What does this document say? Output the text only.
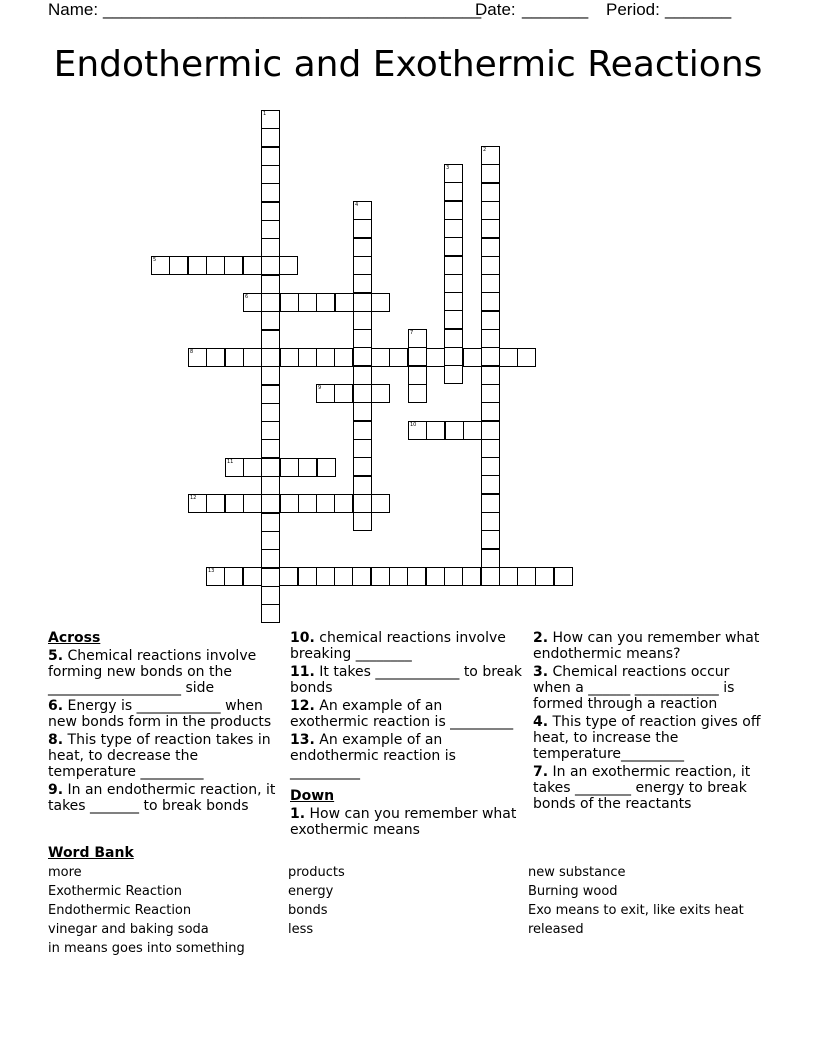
Name: ________________________________________
Date: _______ Period: _______
Endothermic and Exothermic Reactions
1
2
3
4
5
6
7
8
9
10
11
12
13
Across
5. Chemical reactions involve forming new bonds on the ___________________ side
6. Energy is ____________ when new bonds form in the products
8. This type of reaction takes in heat, to decrease the temperature _________
9. In an endothermic reaction, it takes _______ to break bonds
10. chemical reactions involve breaking ________
11. It takes ____________ to break bonds
12. An example of an exothermic reaction is _________
13. An example of an endothermic reaction is __________
Down
1. How can you remember what exothermic means
2. How can you remember what endothermic means?
3. Chemical reactions occur when a ______ ____________ is formed through a reaction
4. This type of reaction gives off heat, to increase the temperature_________
7. In an exothermic reaction, it takes ________ energy to break bonds of the reactants
Word Bank
more
Exothermic Reaction
Endothermic Reaction
vinegar and baking soda
in means goes into something
products
energy
bonds
less
new substance
Burning wood
Exo means to exit, like exits heat
released
